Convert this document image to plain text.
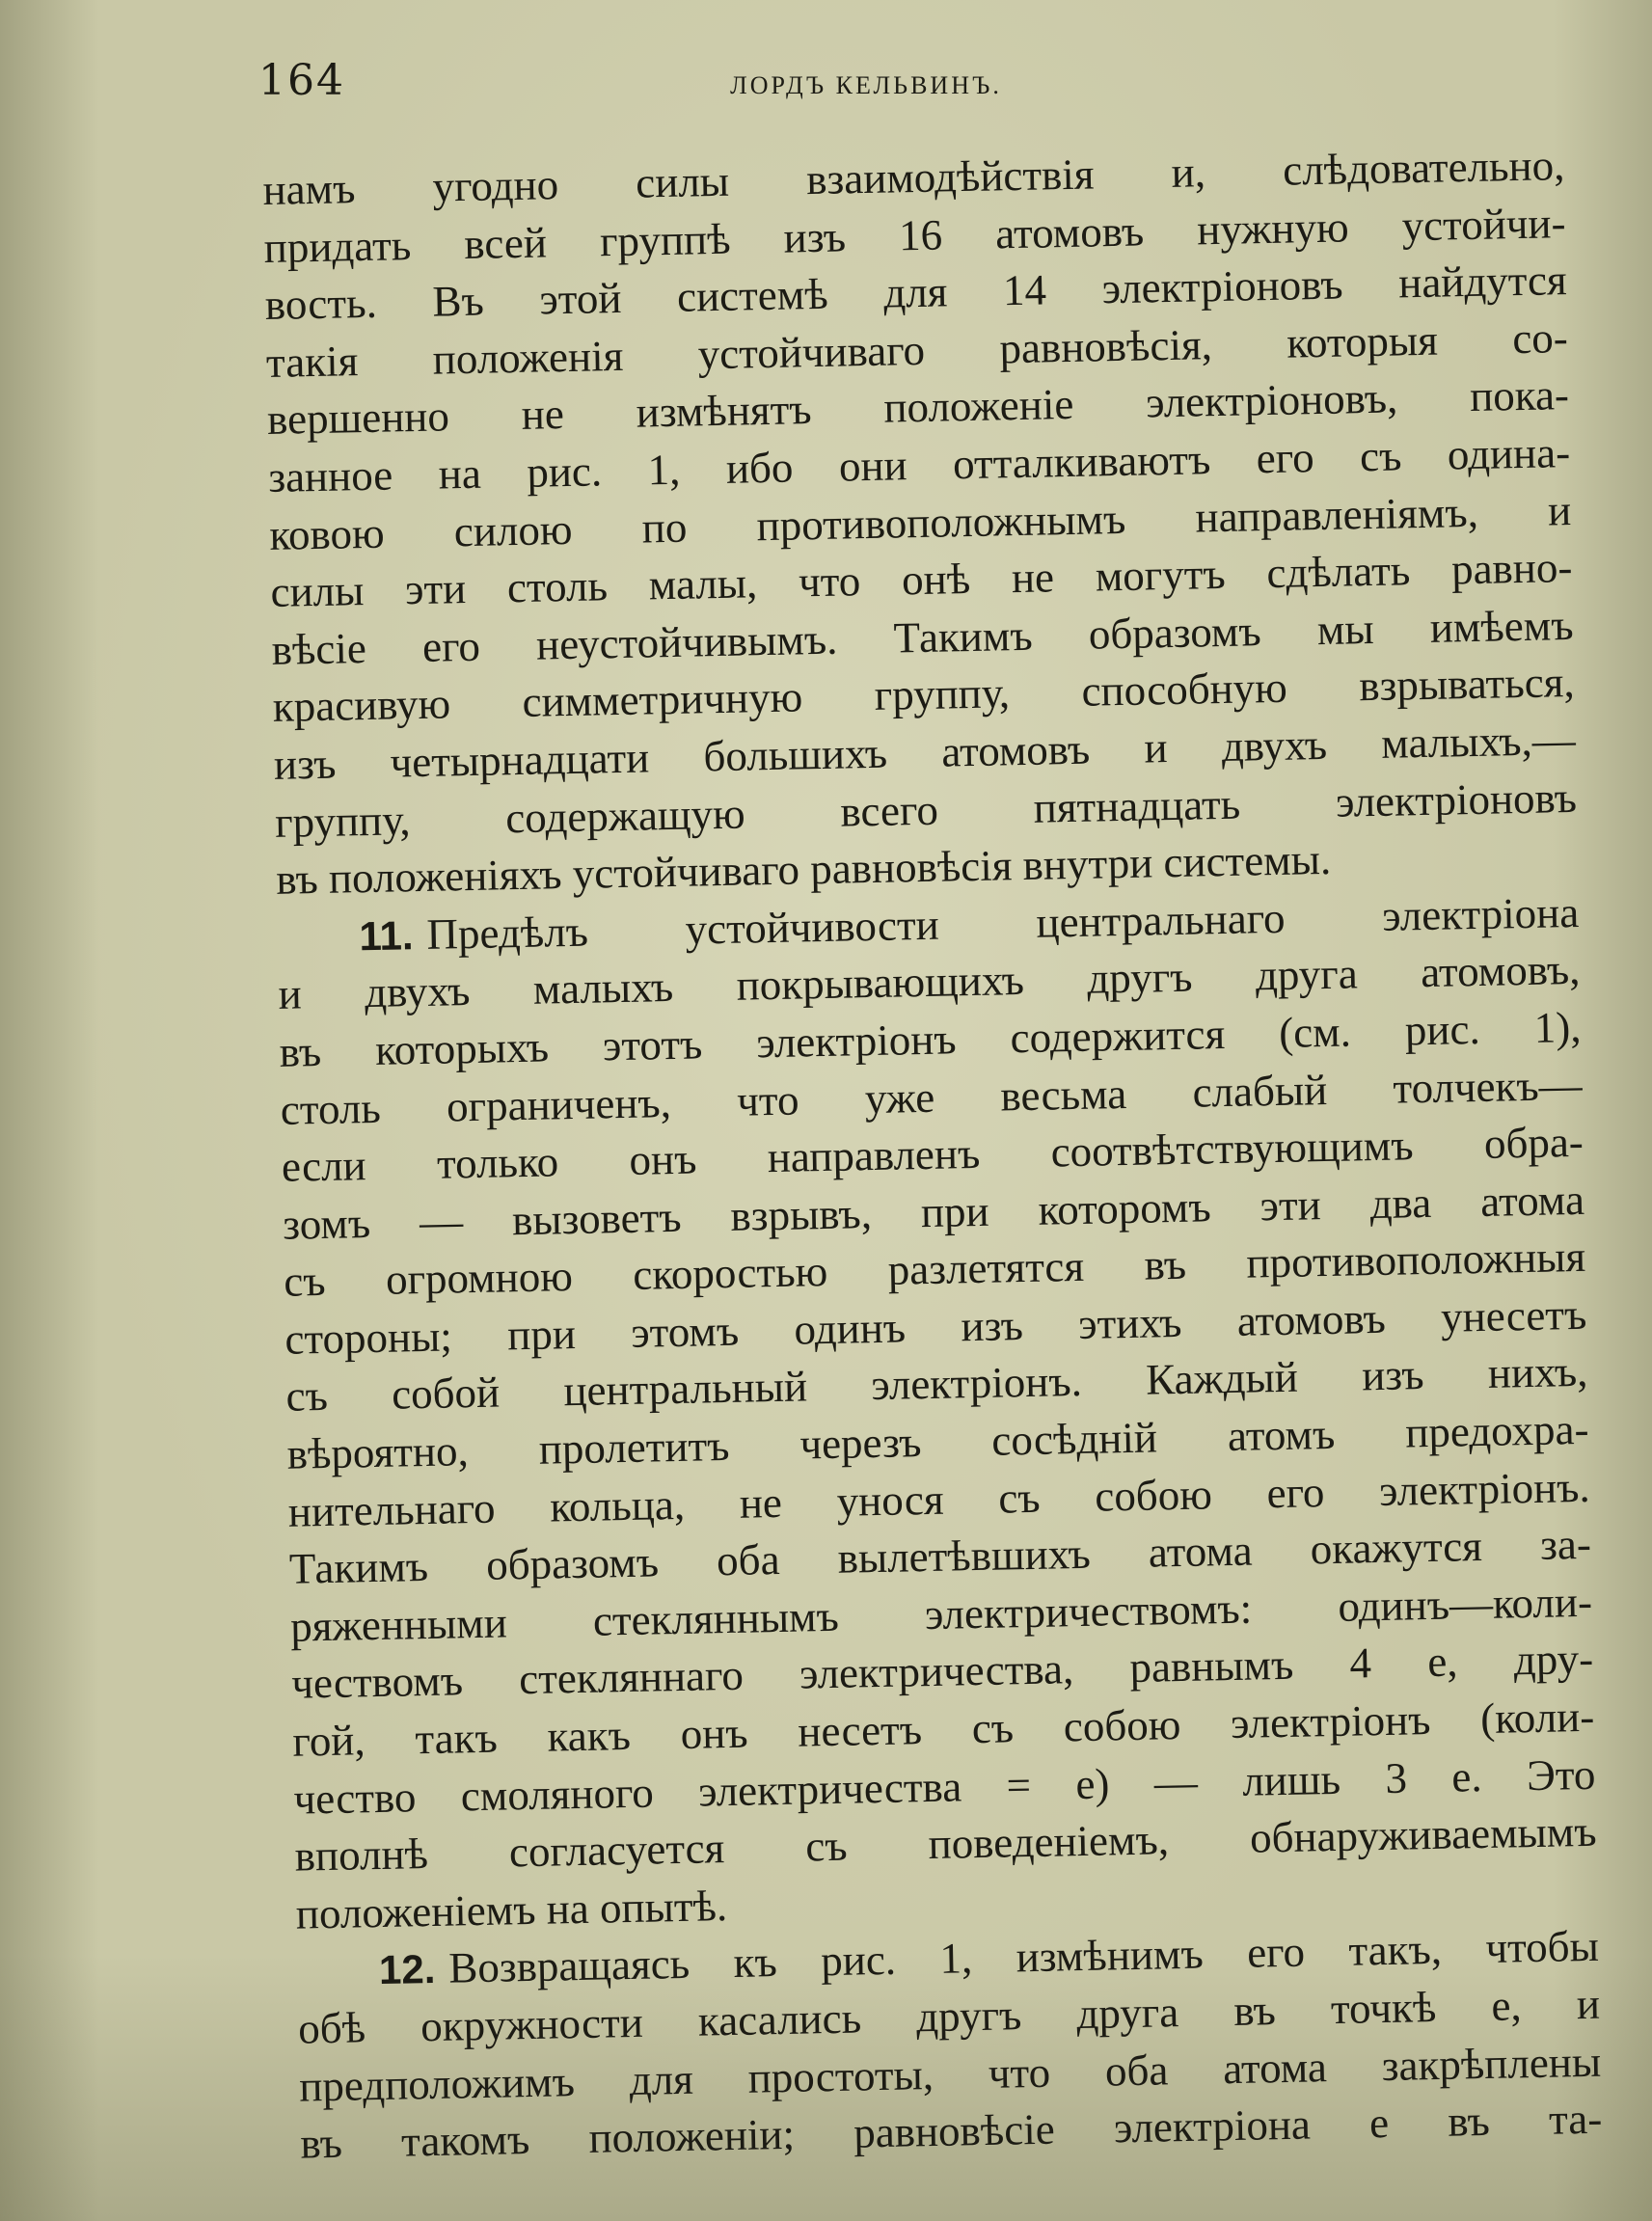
164	ЛОРДЪ КЕЛЬВИНЪ.
намъ угодно силы взаимодѣйствія и, слѣдовательно,
придать всей группѣ изъ 16 атомовъ нужную устойчи-
вость. Въ этой системѣ для 14 электріоновъ найдутся
такія положенія устойчиваго равновѣсія, которыя со-
вершенно не измѣнятъ положеніе электріоновъ, пока-
занное на рис. 1, ибо они отталкиваютъ его съ одина-
ковою силою по противоположнымъ направленіямъ, и
силы эти столь малы, что онѣ не могутъ сдѣлать равно-
вѣсіе его неустойчивымъ. Такимъ образомъ мы имѣемъ
красивую симметричную группу, способную взрываться,
изъ четырнадцати большихъ атомовъ и двухъ малыхъ,—
группу, содержащую всего пятнадцать электріоновъ
въ положеніяхъ устойчиваго равновѣсія внутри системы.
11. Предѣлъ устойчивости центральнаго электріона
и двухъ малыхъ покрывающихъ другъ друга атомовъ,
въ которыхъ этотъ электріонъ содержится (см. рис. 1),
столь ограниченъ, что уже весьма слабый толчекъ—
если только онъ направленъ соотвѣтствующимъ обра-
зомъ — вызоветъ взрывъ, при которомъ эти два атома
съ огромною скоростью разлетятся въ противоположныя
стороны; при этомъ одинъ изъ этихъ атомовъ унесетъ
съ собой центральный электріонъ. Каждый изъ нихъ,
вѣроятно, пролетитъ черезъ сосѣдній атомъ предохра-
нительнаго кольца, не унося съ собою его электріонъ.
Такимъ образомъ оба вылетѣвшихъ атома окажутся за-
ряженными стекляннымъ электричествомъ: одинъ—коли-
чествомъ стекляннаго электричества, равнымъ 4 e, дру-
гой, такъ какъ онъ несетъ съ собою электріонъ (коли-
чество смоляного электричества = e) — лишь 3 e. Это
вполнѣ согласуется съ поведеніемъ, обнаруживаемымъ
положеніемъ на опытѣ.
12. Возвращаясь къ рис. 1, измѣнимъ его такъ, чтобы
обѣ окружности касались другъ друга въ точкѣ e, и
предположимъ для простоты, что оба атома закрѣплены
въ такомъ положеніи; равновѣсіе электріона e въ та-
